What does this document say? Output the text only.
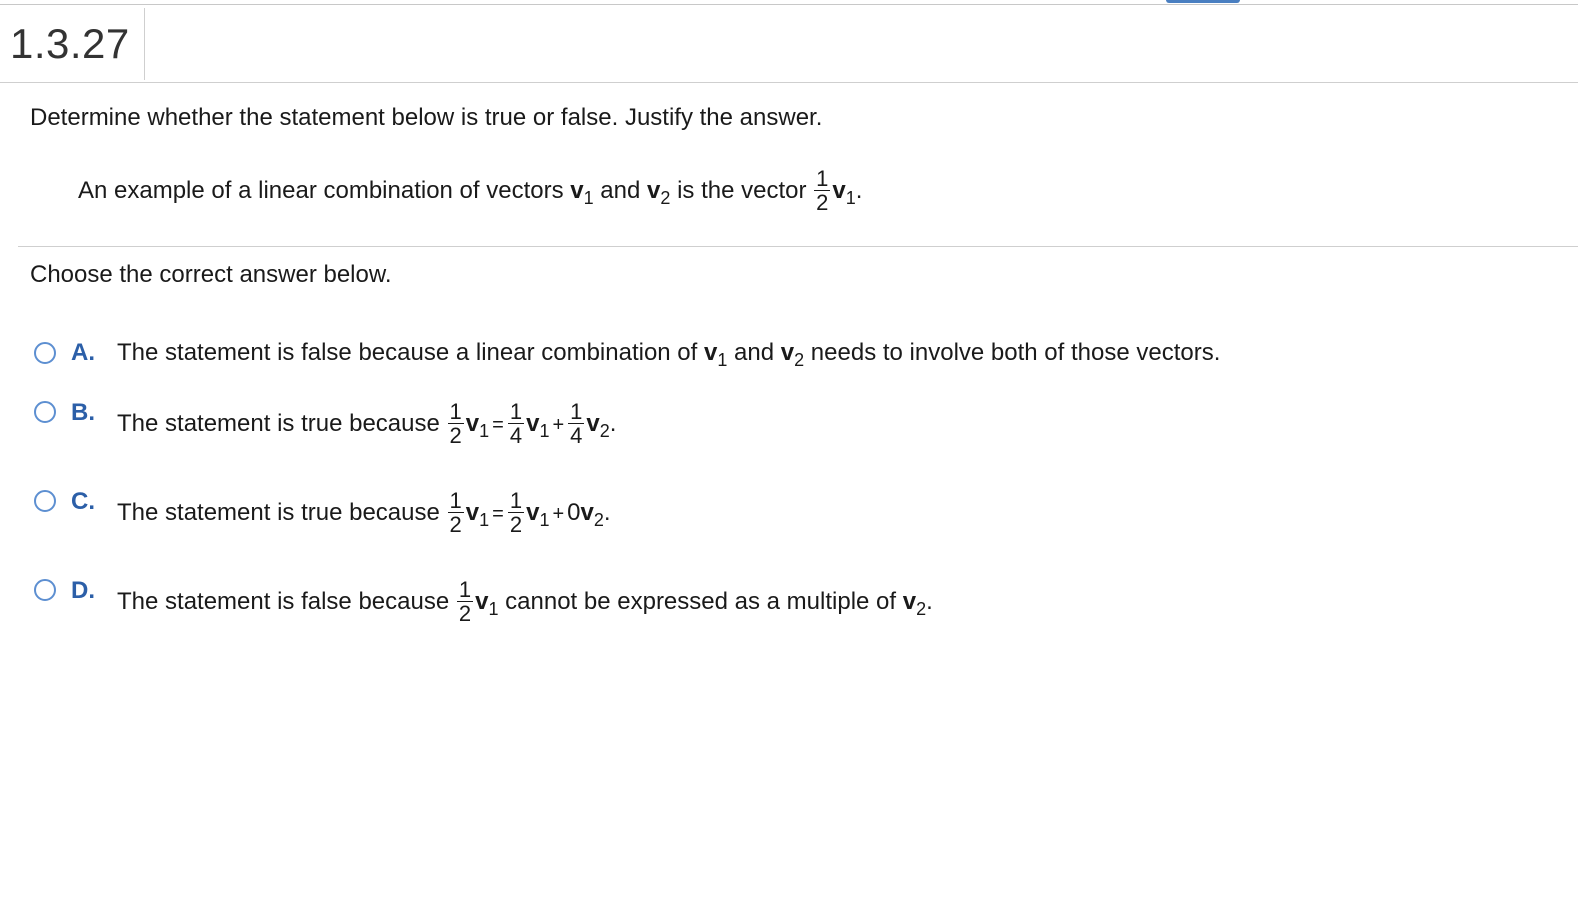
1.3.27
Determine whether the statement below is true or false. Justify the answer.
An example of a linear combination of vectors $v_1$ and $v_2$ is the vector $\frac{1}{2} v_1$.
Choose the correct answer below.
A. The statement is false because a linear combination of $v_1$ and $v_2$ needs to involve both of those vectors.
B. The statement is true because $\frac{1}{2} v_1 = \frac{1}{4} v_1 + \frac{1}{4} v_2$.
C. The statement is true because $\frac{1}{2} v_1 = \frac{1}{2} v_1 + 0v_2$.
D. The statement is false because $\frac{1}{2} v_1$ cannot be expressed as a multiple of $v_2$.
